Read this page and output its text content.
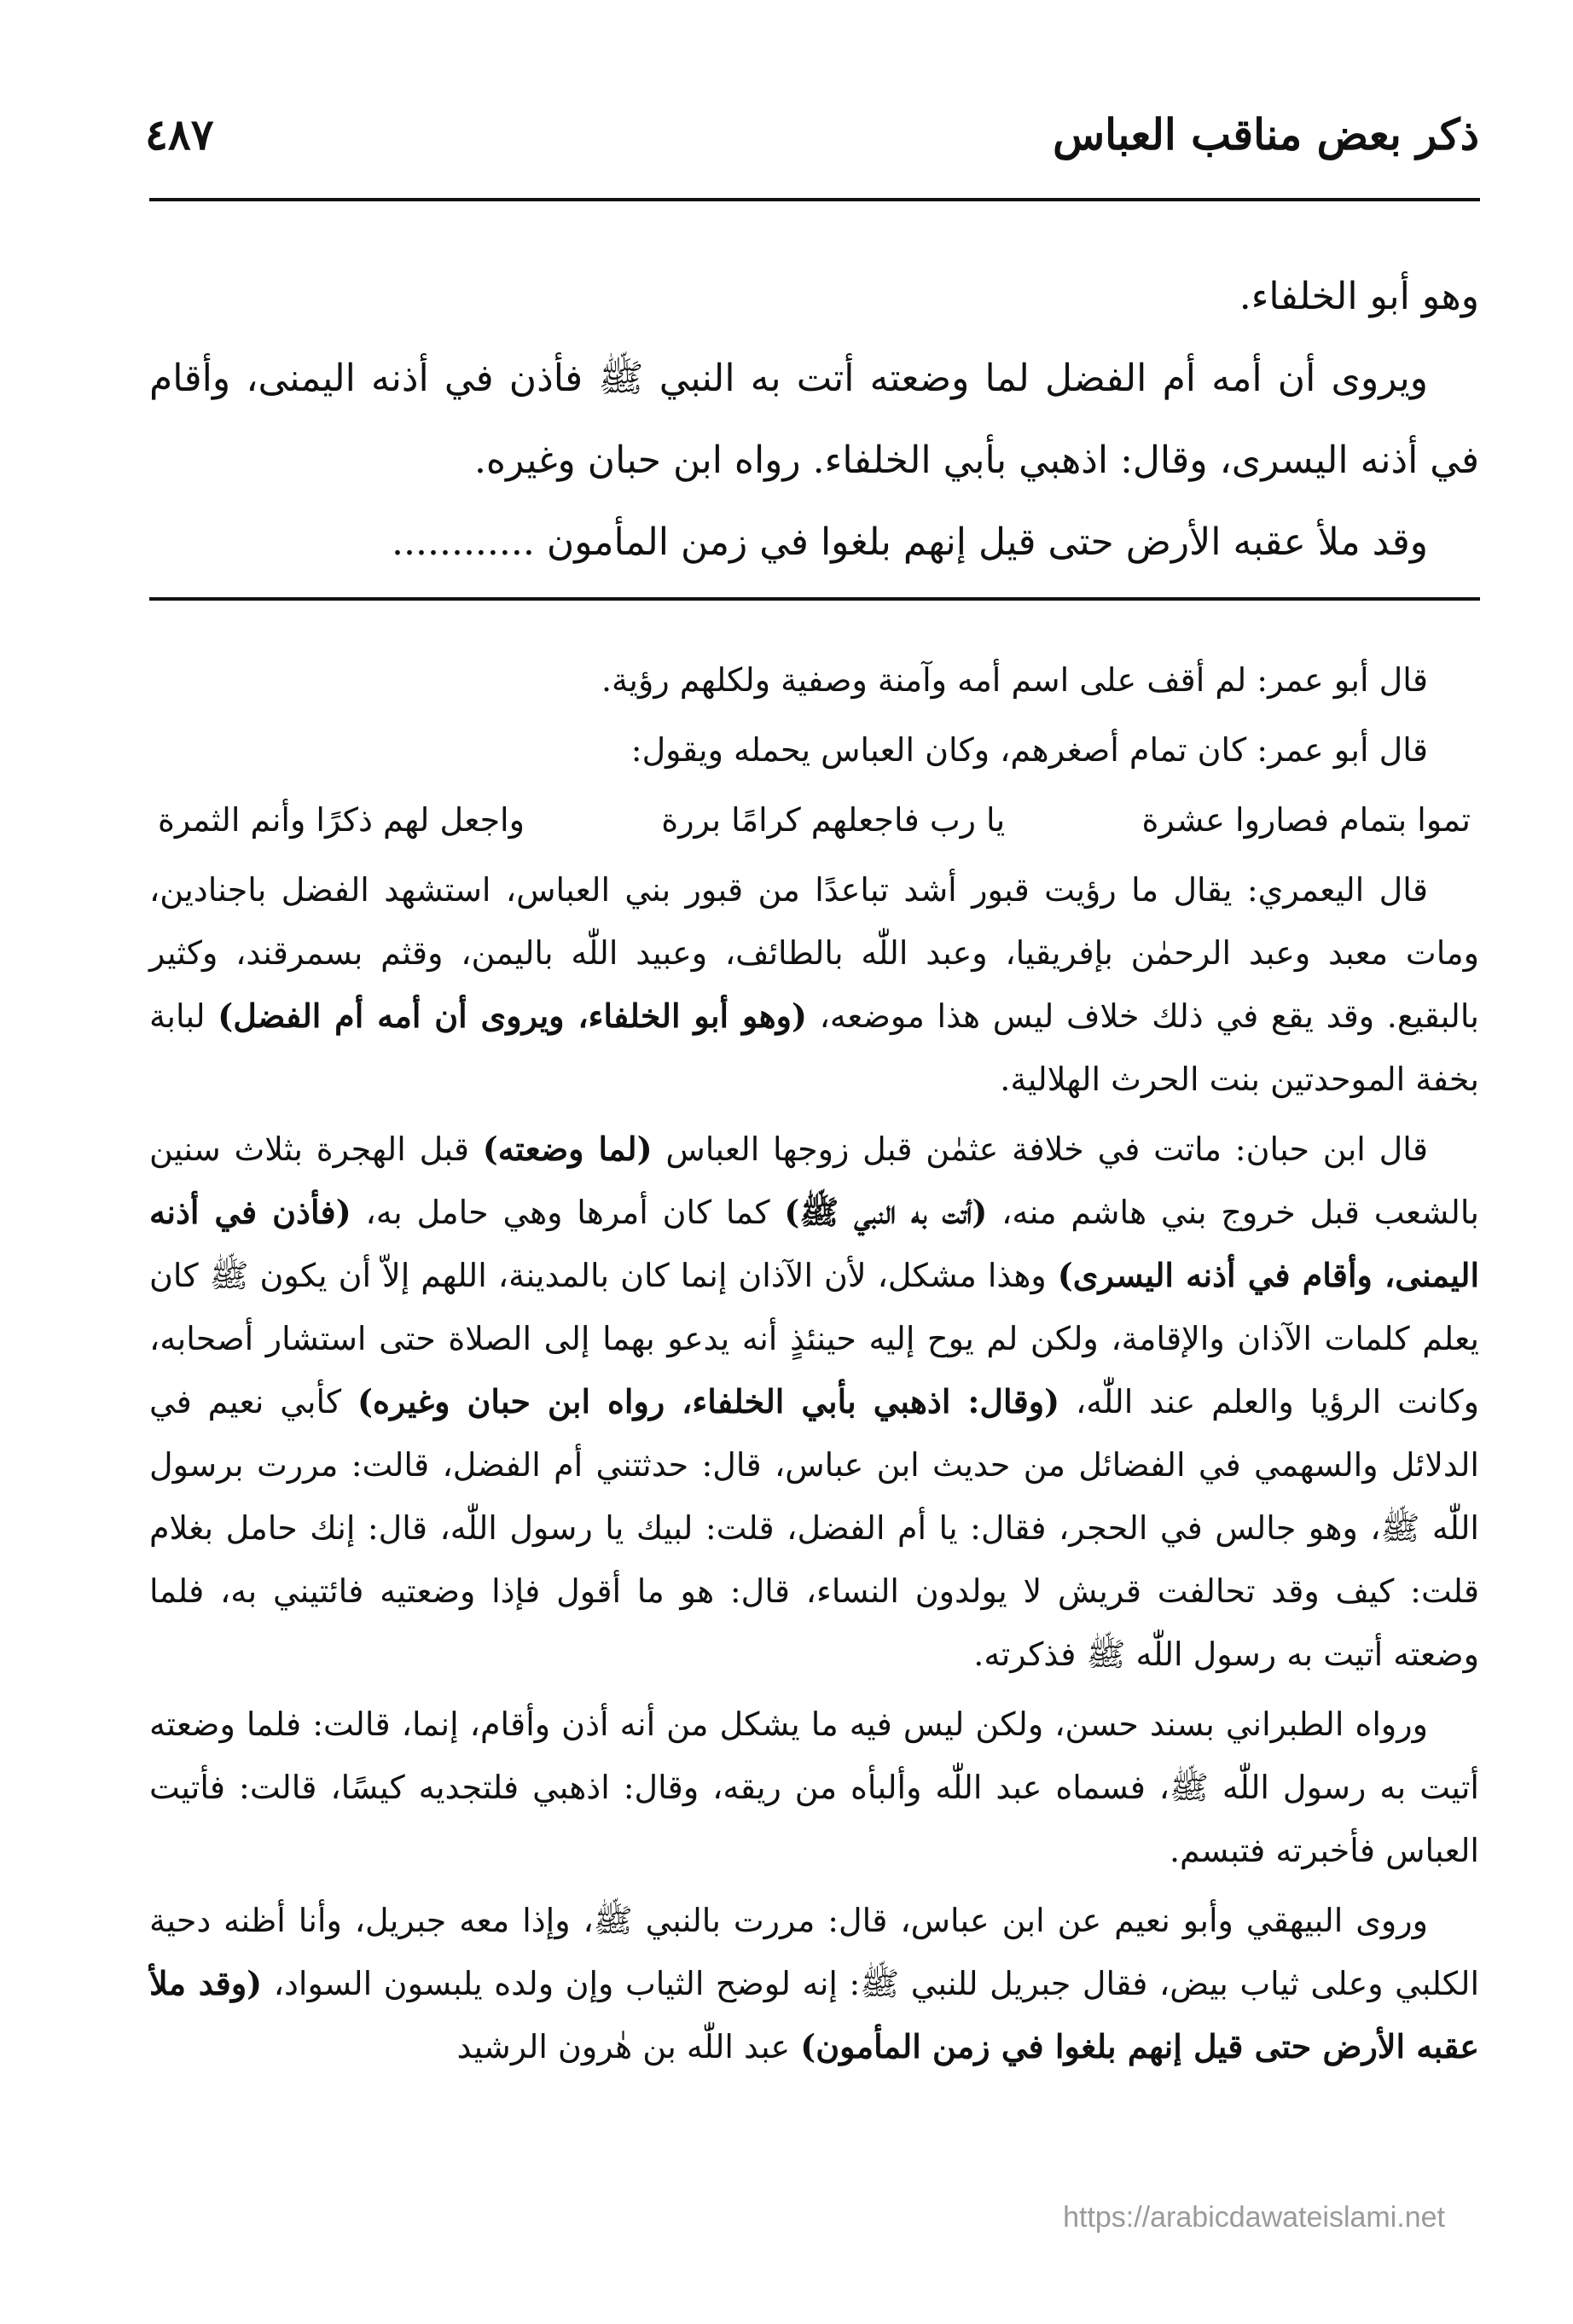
ذكر بعض مناقب العباس
٤٨٧

وهو أبو الخلفاء.

ويروى أن أمه أم الفضل لما وضعته أتت به النبي ﷺ فأذن في أذنه اليمنى، وأقام في أذنه اليسرى، وقال: اذهبي بأبي الخلفاء. رواه ابن حبان وغيره.

وقد ملأ عقبه الأرض حتى قيل إنهم بلغوا في زمن المأمون ............

قال أبو عمر: لم أقف على اسم أمه وآمنة وصفية ولكلهم رؤية.

قال أبو عمر: كان تمام أصغرهم، وكان العباس يحمله ويقول:

تموا بتمام فصاروا عشرة
يا رب فاجعلهم كرامًا بررة
واجعل لهم ذكرًا وأنم الثمرة

قال اليعمري: يقال ما رؤيت قبور أشد تباعدًا من قبور بني العباس، استشهد الفضل باجنادين، ومات معبد وعبد الرحمٰن بإفريقيا، وعبد اللّٰه بالطائف، وعبيد اللّٰه باليمن، وقثم بسمرقند، وكثير بالبقيع. وقد يقع في ذلك خلاف ليس هذا موضعه، (وهو أبو الخلفاء، ويروى أن أمه أم الفضل) لبابة بخفة الموحدتين بنت الحرث الهلالية.

قال ابن حبان: ماتت في خلافة عثمٰن قبل زوجها العباس (لما وضعته) قبل الهجرة بثلاث سنين بالشعب قبل خروج بني هاشم منه، (أتت به النبي ﷺ) كما كان أمرها وهي حامل به، (فأذن في أذنه اليمنى، وأقام في أذنه اليسرى) وهذا مشكل، لأن الآذان إنما كان بالمدينة، اللهم إلاّ أن يكون ﷺ كان يعلم كلمات الآذان والإقامة، ولكن لم يوح إليه حينئذٍ أنه يدعو بهما إلى الصلاة حتى استشار أصحابه، وكانت الرؤيا والعلم عند اللّٰه، (وقال: اذهبي بأبي الخلفاء، رواه ابن حبان وغيره) كأبي نعيم في الدلائل والسهمي في الفضائل من حديث ابن عباس، قال: حدثتني أم الفضل، قالت: مررت برسول اللّٰه ﷺ، وهو جالس في الحجر، فقال: يا أم الفضل، قلت: لبيك يا رسول اللّٰه، قال: إنك حامل بغلام قلت: كيف وقد تحالفت قريش لا يولدون النساء، قال: هو ما أقول فإذا وضعتيه فائتيني به، فلما وضعته أتيت به رسول اللّٰه ﷺ فذكرته.

ورواه الطبراني بسند حسن، ولكن ليس فيه ما يشكل من أنه أذن وأقام، إنما، قالت: فلما وضعته أتيت به رسول اللّٰه ﷺ، فسماه عبد اللّٰه وألبأه من ريقه، وقال: اذهبي فلتجديه كيسًا، قالت: فأتيت العباس فأخبرته فتبسم.

وروى البيهقي وأبو نعيم عن ابن عباس، قال: مررت بالنبي ﷺ، وإذا معه جبريل، وأنا أظنه دحية الكلبي وعلى ثياب بيض، فقال جبريل للنبي ﷺ: إنه لوضح الثياب وإن ولده يلبسون السواد، (وقد ملأ عقبه الأرض حتى قيل إنهم بلغوا في زمن المأمون) عبد اللّٰه بن هٰرون الرشيد

https://arabicdawateislami.net
